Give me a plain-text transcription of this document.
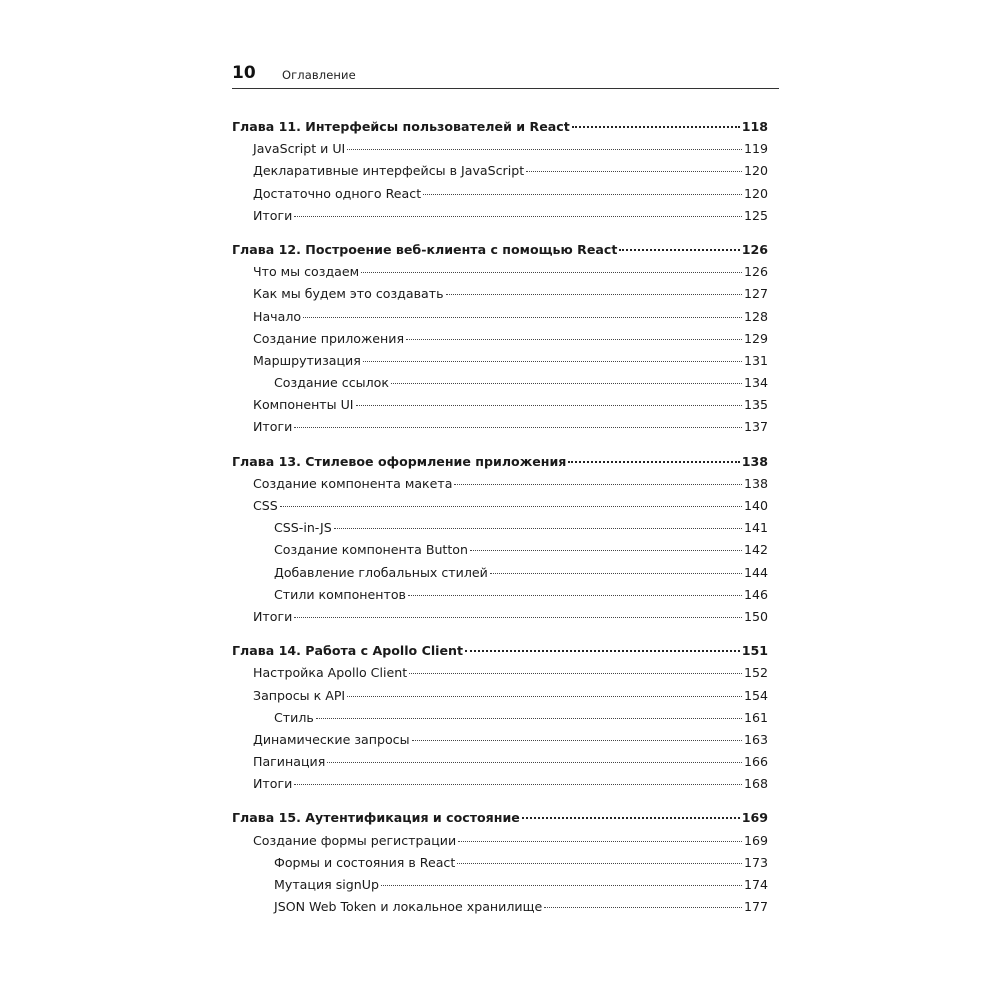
10 Оглавление
Глава 11. Интерфейсы пользователей и React	118
JavaScript и UI	119
Декларативные интерфейсы в JavaScript	120
Достаточно одного React	120
Итоги	125
Глава 12. Построение веб-клиента с помощью React	126
Что мы создаем	126
Как мы будем это создавать	127
Начало	128
Создание приложения	129
Маршрутизация	131
Создание ссылок	134
Компоненты UI	135
Итоги	137
Глава 13. Стилевое оформление приложения	138
Создание компонента макета	138
CSS	140
CSS-in-JS	141
Создание компонента Button	142
Добавление глобальных стилей	144
Стили компонентов	146
Итоги	150
Глава 14. Работа с Apollo Client	151
Настройка Apollo Client	152
Запросы к API	154
Стиль	161
Динамические запросы	163
Пагинация	166
Итоги	168
Глава 15. Аутентификация и состояние	169
Создание формы регистрации	169
Формы и состояния в React	173
Мутация signUp	174
JSON Web Token и локальное хранилище	177
